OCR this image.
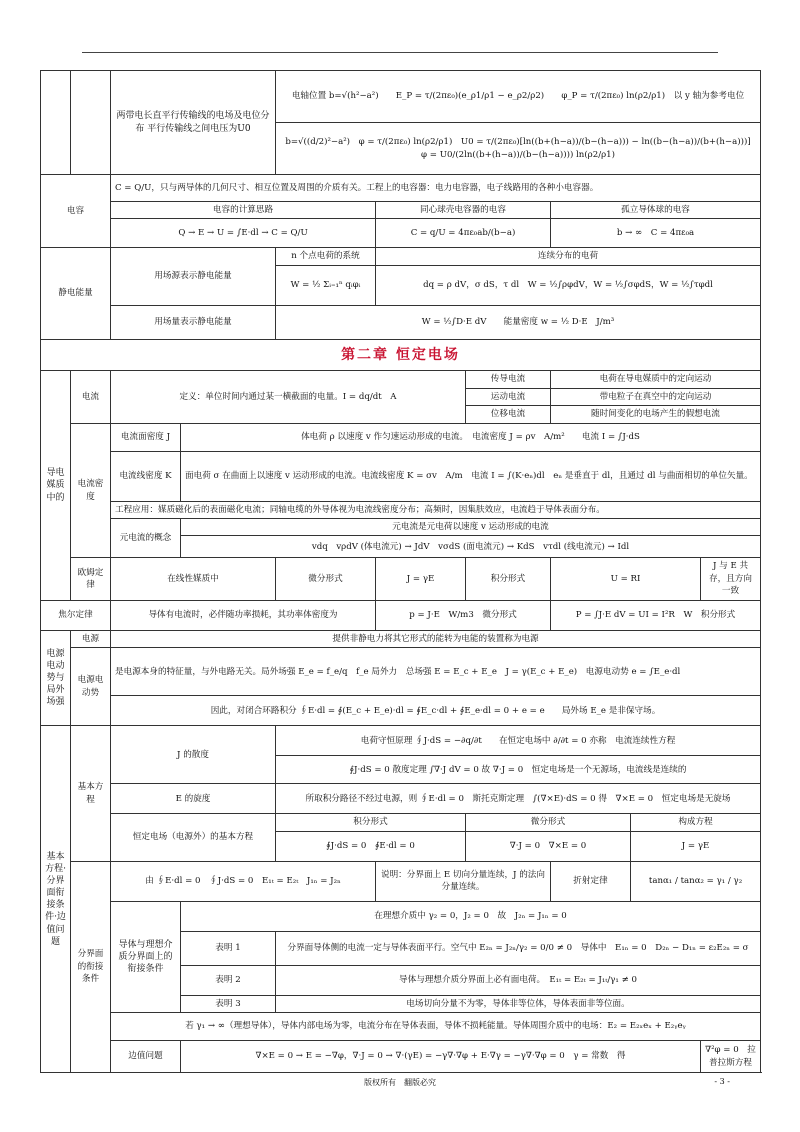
		两带电长直平行传输线的电场及电位分布 平行传输线之间电压为U0		电轴位置 b=√(h²−a²)　　E_P = τ/(2πε₀)(e_ρ1/ρ1 − e_ρ2/ρ2)　　φ_P = τ/(2πε₀) ln(ρ2/ρ1)　以 y 轴为参考电位					
				b=√((d/2)²−a²)　φ = τ/(2πε₀) ln(ρ2/ρ1)　U0 = τ/(2πε₀)[ln((b+(h−a))/(b−(h−a))) − ln((b−(h−a))/(b+(h−a)))]　φ = U0/(2ln((b+(h−a))/(b−(h−a)))) ln(ρ2/ρ1)					
电容		C = Q/U，只与两导体的几何尺寸、相互位置及周围的介质有关。工程上的电容器：电力电容器，电子线路用的各种小电容器。							
		电容的计算思路			同心球壳电容器的电容		孤立导体球的电容		
		Q → E → U = ∫E·dl → C = Q/U			C = q/U = 4πε₀ab/(b−a)		b → ∞　C = 4πε₀a		
静电能量		用场源表示静电能量		n 个点电荷的系统	连续分布的电荷				
				W = ½ Σᵢ₌₁ⁿ qᵢφᵢ	dq = ρ dV，σ dS，τ dl　W = ½∫ρφdV，W = ½∫σφdS，W = ½∫τφdl				
		用场量表示静电能量		W = ½∫D·E dV　　能量密度 w = ½ D·E　J/m³					
第二章 恒定电场									
导电媒质中的	电流	定义：单位时间内通过某一横截面的电量。I = dq/dt　A				传导电流	电荷在导电媒质中的定向运动		
						运动电流	带电粒子在真空中的定向运动		
						位移电流	随时间变化的电场产生的假想电流		
	电流密度	电流面密度 J	体电荷 ρ 以速度 v 作匀速运动形成的电流。　电流密度 J = ρv　A/m²　　电流 I = ∫J·dS						
		电流线密度 K	面电荷 σ 在曲面上以速度 v 运动形成的电流。电流线密度 K = σv　A/m　电流 I = ∫(K·eₙ)dl　eₙ 是垂直于 dl，且通过 dl 与曲面相切的单位矢量。						
		工程应用：媒质磁化后的表面磁化电流；同轴电缆的外导体视为电流线密度分布；高频时，因集肤效应，电流趋于导体表面分布。							
		元电流的概念	元电流是元电荷以速度 v 运动形成的电流						
			vdq　vρdV (体电流元) → JdV　vσdS (面电流元) → KdS　vτdl (线电流元) → Idl						
	欧姆定律	在线性媒质中		微分形式	J = γE	积分形式	U = RI		J 与 E 共存，且方向一致
焦尔定律		导体有电流时，必伴随功率损耗，其功率体密度为			p = J·E　W/m3　微分形式		P = ∫J·E dV = UI = I²R　W　积分形式		
电源电动势与局外场强	电源	提供非静电力将其它形式的能转为电能的装置称为电源							
	电源电动势	是电源本身的特征量，与外电路无关。局外场强 E_e = f_e/q　f_e 局外力　总场强 E = E_c + E_e　J = γ(E_c + E_e)　电源电动势 e = ∫E_e·dl							
		因此，对闭合环路积分 ∮E·dl = ∮(E_c + E_e)·dl = ∮E_c·dl + ∮E_e·dl = 0 + e = e　　局外场 E_e 是非保守场。							
基本方程·分界面衔接条件·边值问题	基本方程	J 的散度		电荷守恒原理 ∮J·dS = −∂q/∂t　　在恒定电场中 ∂/∂t = 0 亦称　电流连续性方程					
				∮J·dS = 0 散度定理 ∫∇·J dV = 0 故 ∇·J = 0　恒定电场是一个无源场，电流线是连续的					
		E 的旋度		所取积分路径不经过电源，则 ∮E·dl = 0　斯托克斯定理　∫(∇×E)·dS = 0 得　∇×E = 0　恒定电场是无旋场					
		恒定电场（电源外）的基本方程		积分形式		微分形式		构成方程	
				∮J·dS = 0　∮E·dl = 0		∇·J = 0　∇×E = 0		J = γE	
	分界面的衔接条件	由 ∮E·dl = 0　∮J·dS = 0　E₁ₜ = E₂ₜ　J₁ₙ = J₂ₙ			说明：分界面上 E 切向分量连续，J 的法向分量连续。		折射定律	tanα₁ / tanα₂ = γ₁ / γ₂	
		导体与理想介质分界面上的衔接条件	在理想介质中 γ₂ = 0，J₂ = 0　故　J₂ₙ = J₁ₙ = 0						
			表明 1	分界面导体侧的电流一定与导体表面平行。空气中 E₂ₙ = J₂ₙ/γ₂ = 0/0 ≠ 0　导体中　E₁ₙ = 0　D₂ₙ − D₁ₙ = ε₂E₂ₙ = σ					
			表明 2	导体与理想介质分界面上必有面电荷。　E₁ₜ = E₂ₜ = J₁ₜ/γ₁ ≠ 0					
			表明 3	电场切向分量不为零，导体非等位体，导体表面非等位面。					
		若 γ₁ → ∞（理想导体），导体内部电场为零，电流分布在导体表面，导体不损耗能量。导体周围介质中的电场：E₂ = E₂ₓeₓ + E₂ᵧeᵧ							
		边值问题	∇×E = 0 → E = −∇φ，∇·J = 0 → ∇·(γE) = −γ∇·∇φ + E·∇γ = −γ∇·∇φ = 0　γ = 常数　得						∇²φ = 0　拉普拉斯方程
版权所有　翻版必究	- 3 -
